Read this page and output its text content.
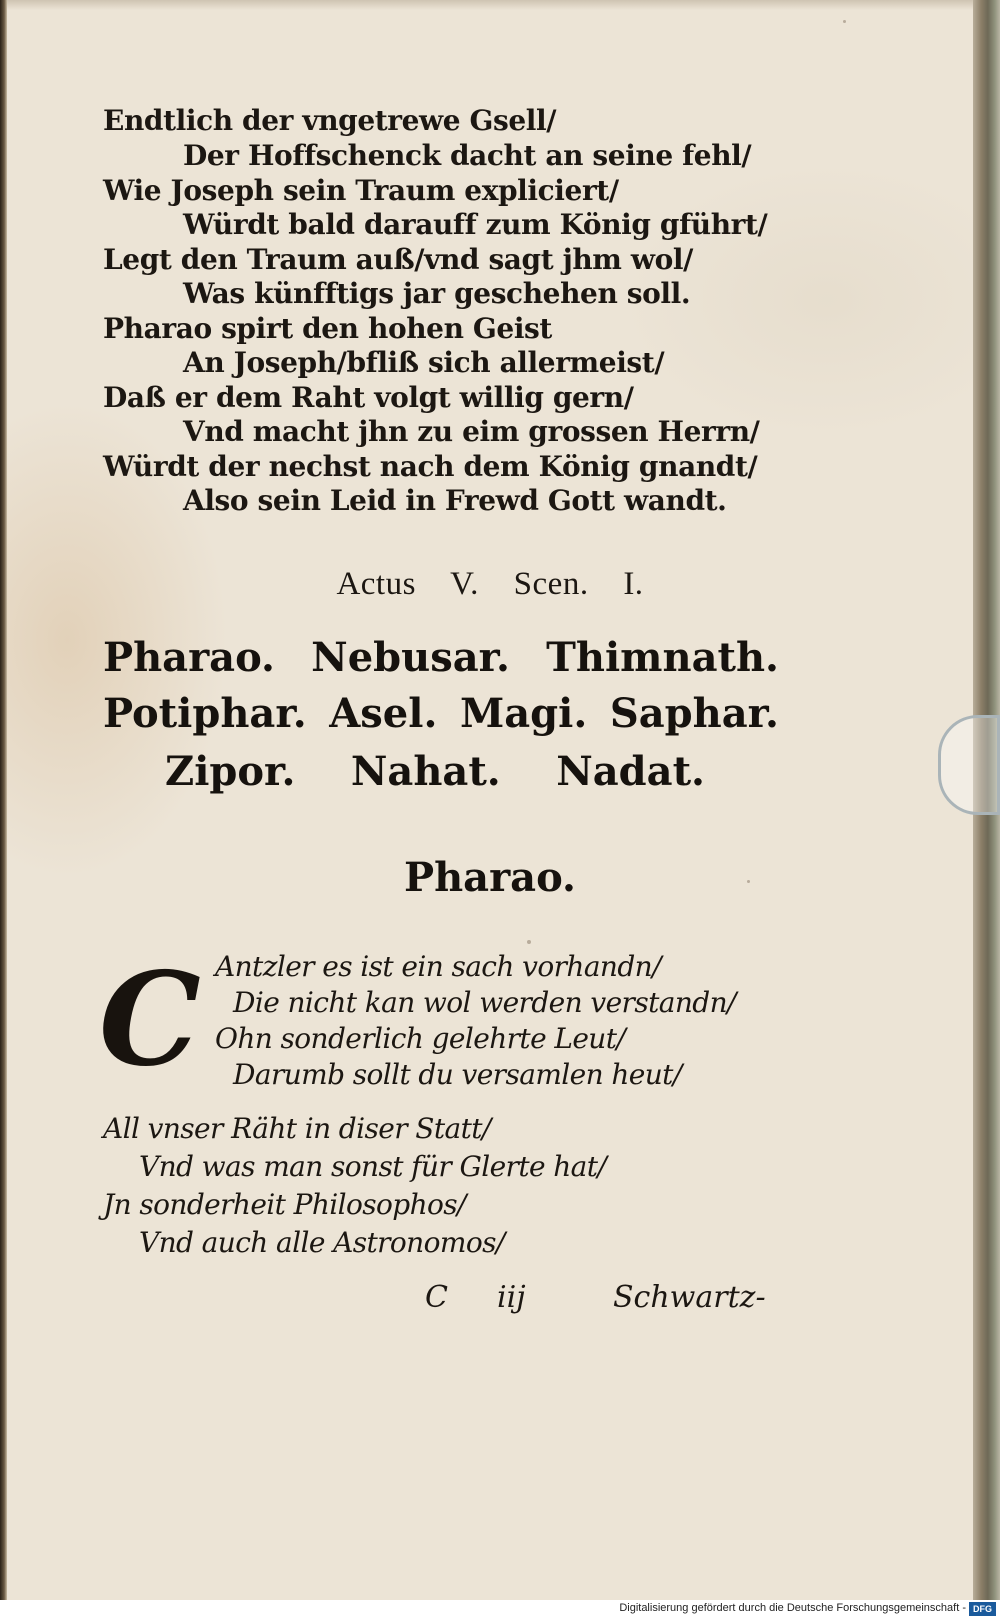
Endtlich der vngetrewe Gsell/
Der Hoffschenck dacht an seine fehl/
Wie Joseph sein Traum expliciert/
Würdt bald darauff zum König gführt/
Legt den Traum auß/vnd sagt jhm wol/
Was künfftigs jar geschehen soll.
Pharao spirt den hohen Geist
An Joseph/bfliß sich allermeist/
Daß er dem Raht volgt willig gern/
Vnd macht jhn zu eim grossen Herrn/
Würdt der nechst nach dem König gnandt/
Also sein Leid in Frewd Gott wandt.
Actus V. Scen. I.
Pharao. Nebusar. Thimnath.
Potiphar. Asel. Magi. Saphar.
Zipor. Nahat. Nadat.
Pharao.
C Antzler es ist ein sach vorhandn/
Die nicht kan wol werden verstandn/
Ohn sonderlich gelehrte Leut/
Darumb sollt du versamlen heut/
All vnser Räht in diser Statt/
Vnd was man sonst für Glerte hat/
Jn sonderheit Philosophos/
Vnd auch alle Astronomos/
C iij	Schwartz-
Digitalisierung gefördert durch die Deutsche Forschungsgemeinschaft - DFG
